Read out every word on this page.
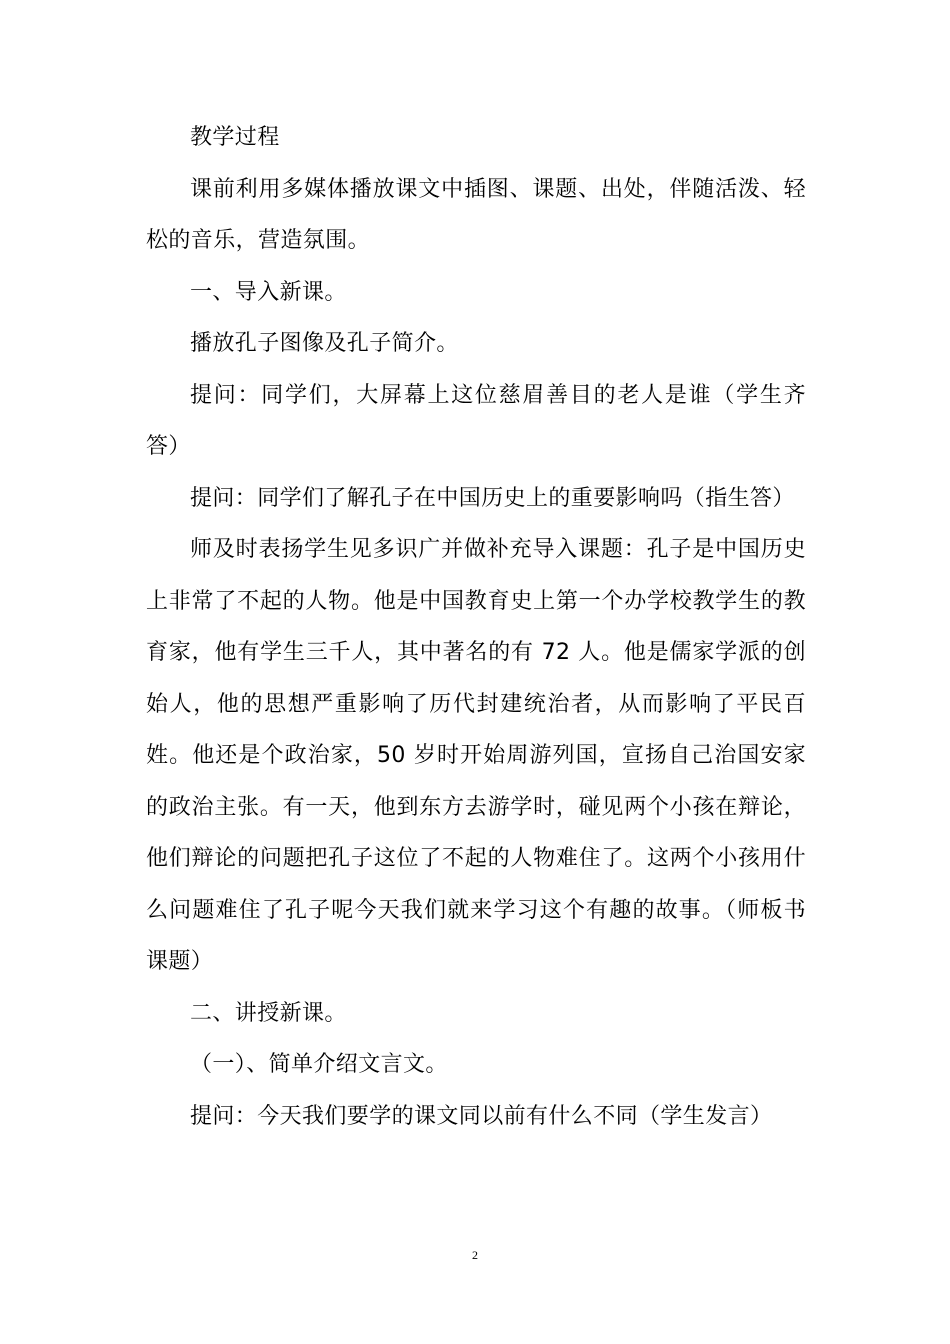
教学过程

课前利用多媒体播放课文中插图、课题、出处，伴随活泼、轻松的音乐，营造氛围。

一、导入新课。

播放孔子图像及孔子简介。

提问：同学们，大屏幕上这位慈眉善目的老人是谁（学生齐答）

提问：同学们了解孔子在中国历史上的重要影响吗（指生答）

师及时表扬学生见多识广并做补充导入课题：孔子是中国历史上非常了不起的人物。他是中国教育史上第一个办学校教学生的教育家，他有学生三千人，其中著名的有 72 人。他是儒家学派的创始人，他的思想严重影响了历代封建统治者，从而影响了平民百姓。他还是个政治家，50 岁时开始周游列国，宣扬自己治国安家的政治主张。有一天，他到东方去游学时，碰见两个小孩在辩论，他们辩论的问题把孔子这位了不起的人物难住了。这两个小孩用什么问题难住了孔子呢今天我们就来学习这个有趣的故事。（师板书课题）

二、讲授新课。

（一）、简单介绍文言文。

提问：今天我们要学的课文同以前有什么不同（学生发言）

2
